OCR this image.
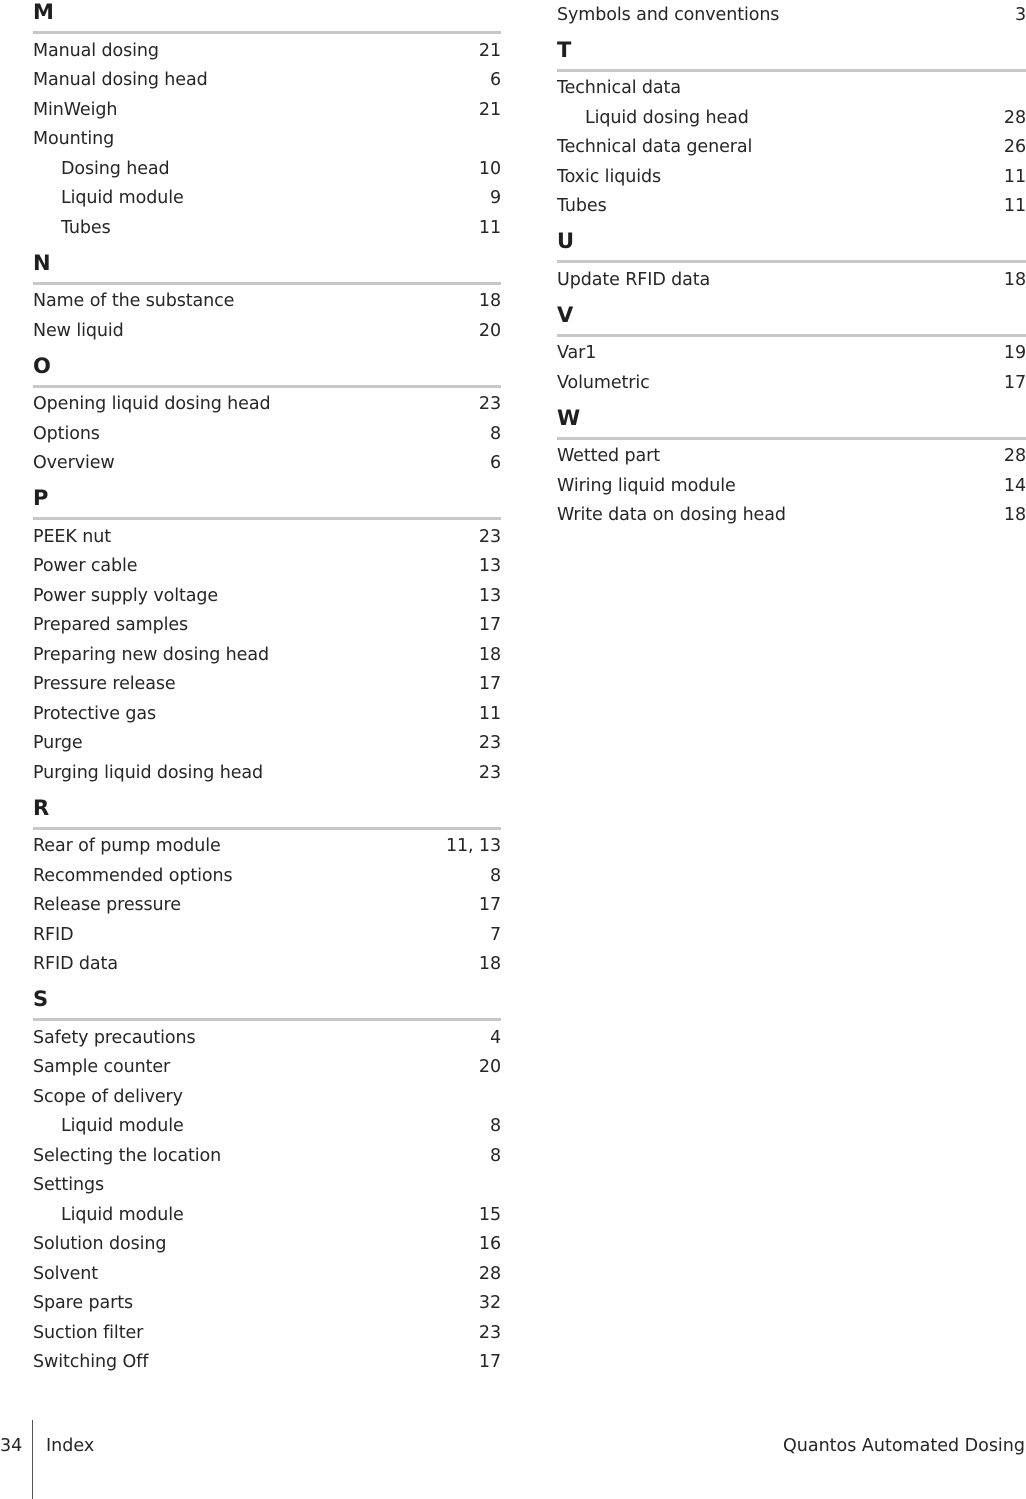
M
Manual dosing	21
Manual dosing head	6
MinWeigh	21
Mounting
Dosing head	10
Liquid module	9
Tubes	11
N
Name of the substance	18
New liquid	20
O
Opening liquid dosing head	23
Options	8
Overview	6
P
PEEK nut	23
Power cable	13
Power supply voltage	13
Prepared samples	17
Preparing new dosing head	18
Pressure release	17
Protective gas	11
Purge	23
Purging liquid dosing head	23
R
Rear of pump module	11, 13
Recommended options	8
Release pressure	17
RFID	7
RFID data	18
S
Safety precautions	4
Sample counter	20
Scope of delivery
Liquid module	8
Selecting the location	8
Settings
Liquid module	15
Solution dosing	16
Solvent	28
Spare parts	32
Suction filter	23
Switching Off	17
Symbols and conventions	3
T
Technical data
Liquid dosing head	28
Technical data general	26
Toxic liquids	11
Tubes	11
U
Update RFID data	18
V
Var1	19
Volumetric	17
W
Wetted part	28
Wiring liquid module	14
Write data on dosing head	18
34 Index	Quantos Automated Dosing
